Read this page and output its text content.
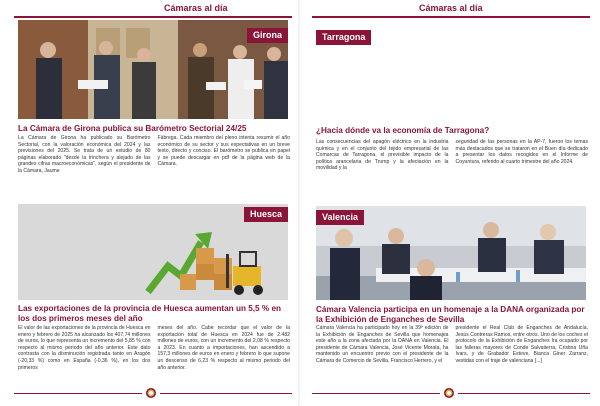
Cámaras al día
Girona
La Cámara de Girona publica su Barómetro Sectorial 24/25
La Cámara de Girona ha publicado su Barómetro Sectorial, con la valoración económica del 2024 y las previsiones del 2025. Se trata de un estudio de 80 páginas elaborado "desde la trinchera y alejado de las grandes cifras macroeconómicas", según el presidente de la Cámara, Jaume
Fàbrega. Cada miembro del pleno intenta resumir el año económico de su sector y sus expectativas en un breve texto, directo y conciso. El barómetro se publica en papel y se puede descargar en pdf de la página web de la Cámara.
Huesca
Las exportaciones de la provincia de Huesca aumentan un 5,5 % en los dos primeros meses del año
El valor de las exportaciones de la provincia de Huesca en enero y febrero de 2025 ha alcanzado los 407,74 millones de euros, lo que representa un incremento del 5,85 % con respecto al mismo periodo del año anterior. Este dato contrasta con la disminución registrada tanto en Aragón (-20,33 %) como en España (-0,36 %), en los dos primeros
meses del año. Cabe recordar que el valor de la exportación total de Huesca en 2024 fue de 2.482 millones de euros, con un incremento del 2,08 % respecto a 2023. En cuanto a importaciones, han ascendido a 157,3 millones de euros en enero y febrero lo que supone un descenso de 6,23 % respecto al mismo periodo del año anterior.
Cámaras al día
Tarragona
¿Hacia dónde va la economía de Tarragona?
Las consecuencias del apagón eléctrico en la industria química y en el conjunto del tejido empresarial de las Comarcas de Tarragona, el previsible impacto de la política arancelaria de Trump y la afectación en la movilidad y la
seguridad de las personas en la AP-7, fueron los temas más destacados que se trataron en el Buen día dedicado a presentar los datos recogidos en el Informe de Coyuntura, referido al cuarto trimestre del año 2024.
Valencia
Cámara Valencia participa en un homenaje a la DANA organizada por la Exhibición de Enganches de Sevilla
Cámara Valencia ha participado hoy en la 39ª edición de la Exhibición de Enganches de Sevilla que homenajea este año a la zona afectada por la DANA en Valencia. El presidente de Cámara Valencia, José Vicente Morata, ha mantenido un encuentro previo con el presidente de la Cámara de Comercio de Sevilla, Francisco Herrero, y el
presidente el Real Club de Enganches de Andalucía, Jesús Contreras Ramos, entre otros. Uno de los coches el protocolo de la Exhibición de Enganches Ira ocupado por las falleras mayores de Conde Salvatierra, Cristina Uña Ivars, y de Grabador Esteve, Bianca Giner Zarranz, vestidas con el traje de valenciana [...]
